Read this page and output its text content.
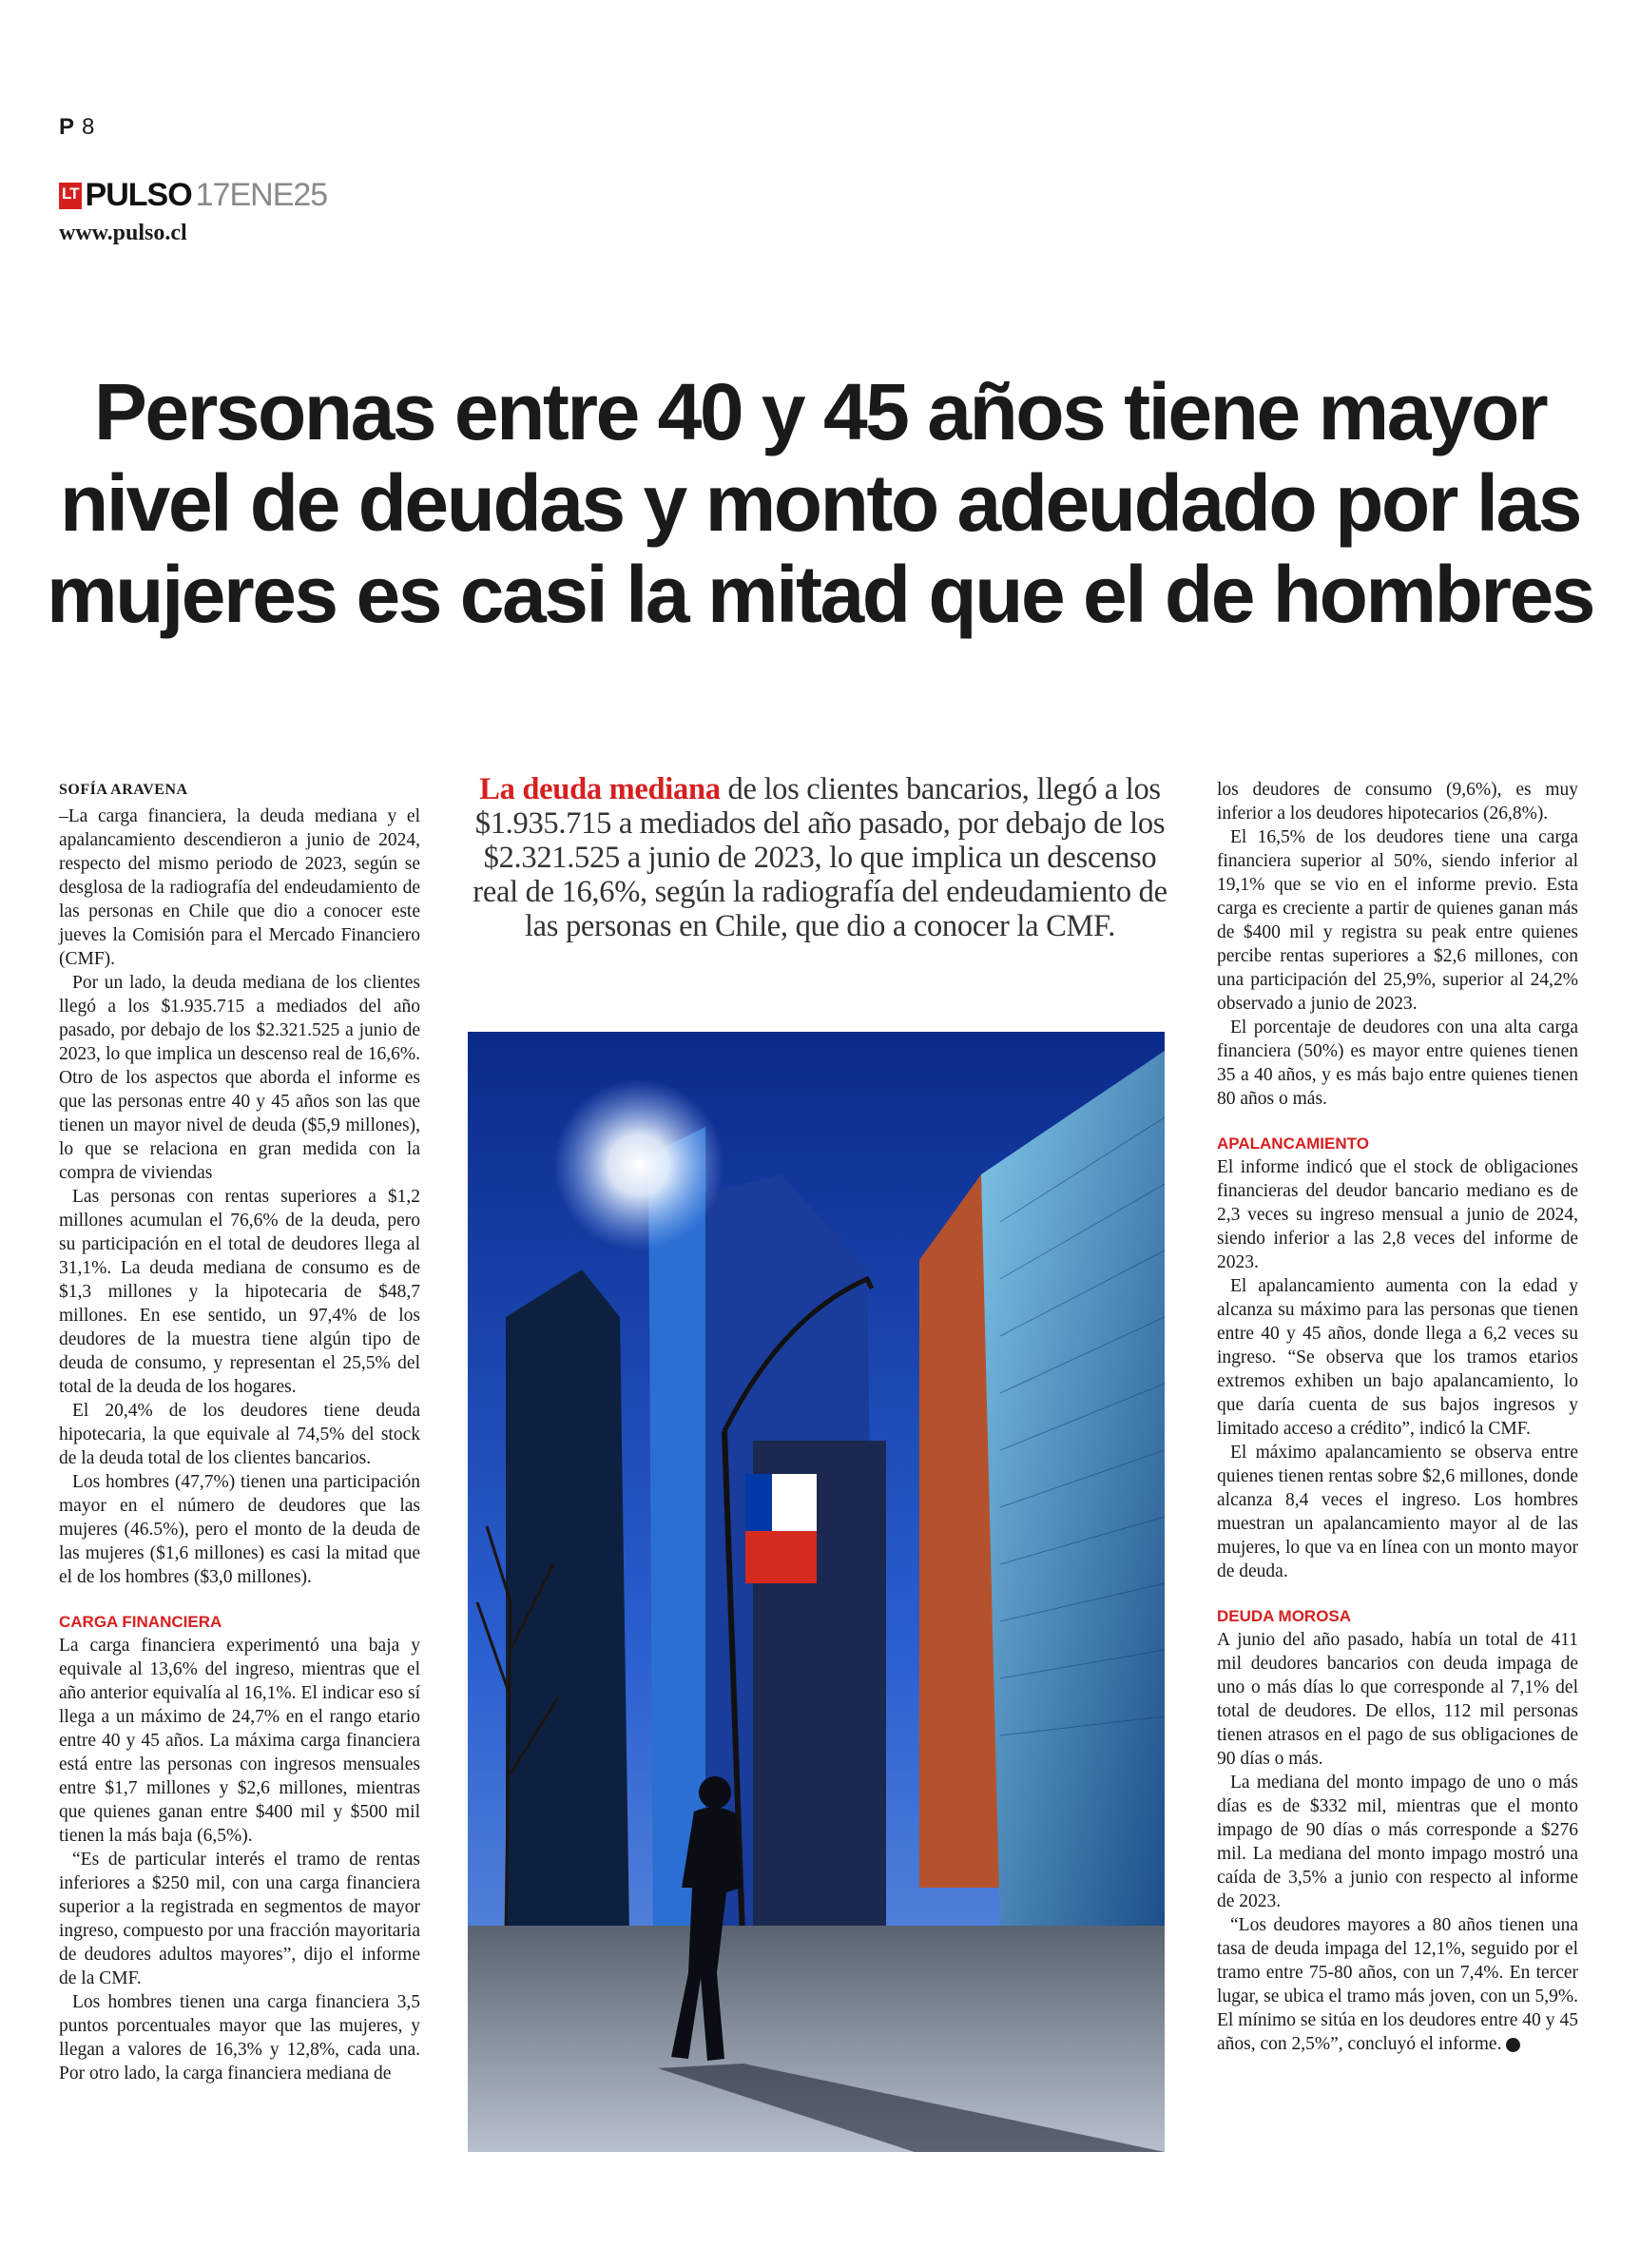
P 8
LT PULSO 17ENE25
www.pulso.cl
Personas entre 40 y 45 años tiene mayor nivel de deudas y monto adeudado por las mujeres es casi la mitad que el de hombres
SOFÍA ARAVENA

–La carga financiera, la deuda mediana y el apalancamiento descendieron a junio de 2024, respecto del mismo periodo de 2023, según se desglosa de la radiografía del endeudamiento de las personas en Chile que dio a conocer este jueves la Comisión para el Mercado Financiero (CMF).

Por un lado, la deuda mediana de los clientes llegó a los $1.935.715 a mediados del año pasado, por debajo de los $2.321.525 a junio de 2023, lo que implica un descenso real de 16,6%. Otro de los aspectos que aborda el informe es que las personas entre 40 y 45 años son las que tienen un mayor nivel de deuda ($5,9 millones), lo que se relaciona en gran medida con la compra de viviendas

Las personas con rentas superiores a $1,2 millones acumulan el 76,6% de la deuda, pero su participación en el total de deudores llega al 31,1%. La deuda mediana de consumo es de $1,3 millones y la hipotecaria de $48,7 millones. En ese sentido, un 97,4% de los deudores de la muestra tiene algún tipo de deuda de consumo, y representan el 25,5% del total de la deuda de los hogares.

El 20,4% de los deudores tiene deuda hipotecaria, la que equivale al 74,5% del stock de la deuda total de los clientes bancarios.

Los hombres (47,7%) tienen una participación mayor en el número de deudores que las mujeres (46.5%), pero el monto de la deuda de las mujeres ($1,6 millones) es casi la mitad que el de los hombres ($3,0 millones).

CARGA FINANCIERA

La carga financiera experimentó una baja y equivale al 13,6% del ingreso, mientras que el año anterior equivalía al 16,1%. El indicar eso sí llega a un máximo de 24,7% en el rango etario entre 40 y 45 años. La máxima carga financiera está entre las personas con ingresos mensuales entre $1,7 millones y $2,6 millones, mientras que quienes ganan entre $400 mil y $500 mil tienen la más baja (6,5%).

“Es de particular interés el tramo de rentas inferiores a $250 mil, con una carga financiera superior a la registrada en segmentos de mayor ingreso, compuesto por una fracción mayoritaria de deudores adultos mayores”, dijo el informe de la CMF.

Los hombres tienen una carga financiera 3,5 puntos porcentuales mayor que las mujeres, y llegan a valores de 16,3% y 12,8%, cada una. Por otro lado, la carga financiera mediana de

La deuda mediana de los clientes bancarios, llegó a los $1.935.715 a mediados del año pasado, por debajo de los $2.321.525 a junio de 2023, lo que implica un descenso real de 16,6%, según la radiografía del endeudamiento de las personas en Chile, que dio a conocer la CMF.

los deudores de consumo (9,6%), es muy inferior a los deudores hipotecarios (26,8%).

El 16,5% de los deudores tiene una carga financiera superior al 50%, siendo inferior al 19,1% que se vio en el informe previo. Esta carga es creciente a partir de quienes ganan más de $400 mil y registra su peak entre quienes percibe rentas superiores a $2,6 millones, con una participación del 25,9%, superior al 24,2% observado a junio de 2023.

El porcentaje de deudores con una alta carga financiera (50%) es mayor entre quienes tienen 35 a 40 años, y es más bajo entre quienes tienen 80 años o más.

APALANCAMIENTO

El informe indicó que el stock de obligaciones financieras del deudor bancario mediano es de 2,3 veces su ingreso mensual a junio de 2024, siendo inferior a las 2,8 veces del informe de 2023.

El apalancamiento aumenta con la edad y alcanza su máximo para las personas que tienen entre 40 y 45 años, donde llega a 6,2 veces su ingreso. “Se observa que los tramos etarios extremos exhiben un bajo apalancamiento, lo que daría cuenta de sus bajos ingresos y limitado acceso a crédito”, indicó la CMF.

El máximo apalancamiento se observa entre quienes tienen rentas sobre $2,6 millones, donde alcanza 8,4 veces el ingreso. Los hombres muestran un apalancamiento mayor al de las mujeres, lo que va en línea con un monto mayor de deuda.

DEUDA MOROSA

A junio del año pasado, había un total de 411 mil deudores bancarios con deuda impaga de uno o más días lo que corresponde al 7,1% del total de deudores. De ellos, 112 mil personas tienen atrasos en el pago de sus obligaciones de 90 días o más.

La mediana del monto impago de uno o más días es de $332 mil, mientras que el monto impago de 90 días o más corresponde a $276 mil. La mediana del monto impago mostró una caída de 3,5% a junio con respecto al informe de 2023.

“Los deudores mayores a 80 años tienen una tasa de deuda impaga del 12,1%, seguido por el tramo entre 75-80 años, con un 7,4%. En tercer lugar, se ubica el tramo más joven, con un 5,9%. El mínimo se sitúa en los deudores entre 40 y 45 años, con 2,5%”, concluyó el informe. P
